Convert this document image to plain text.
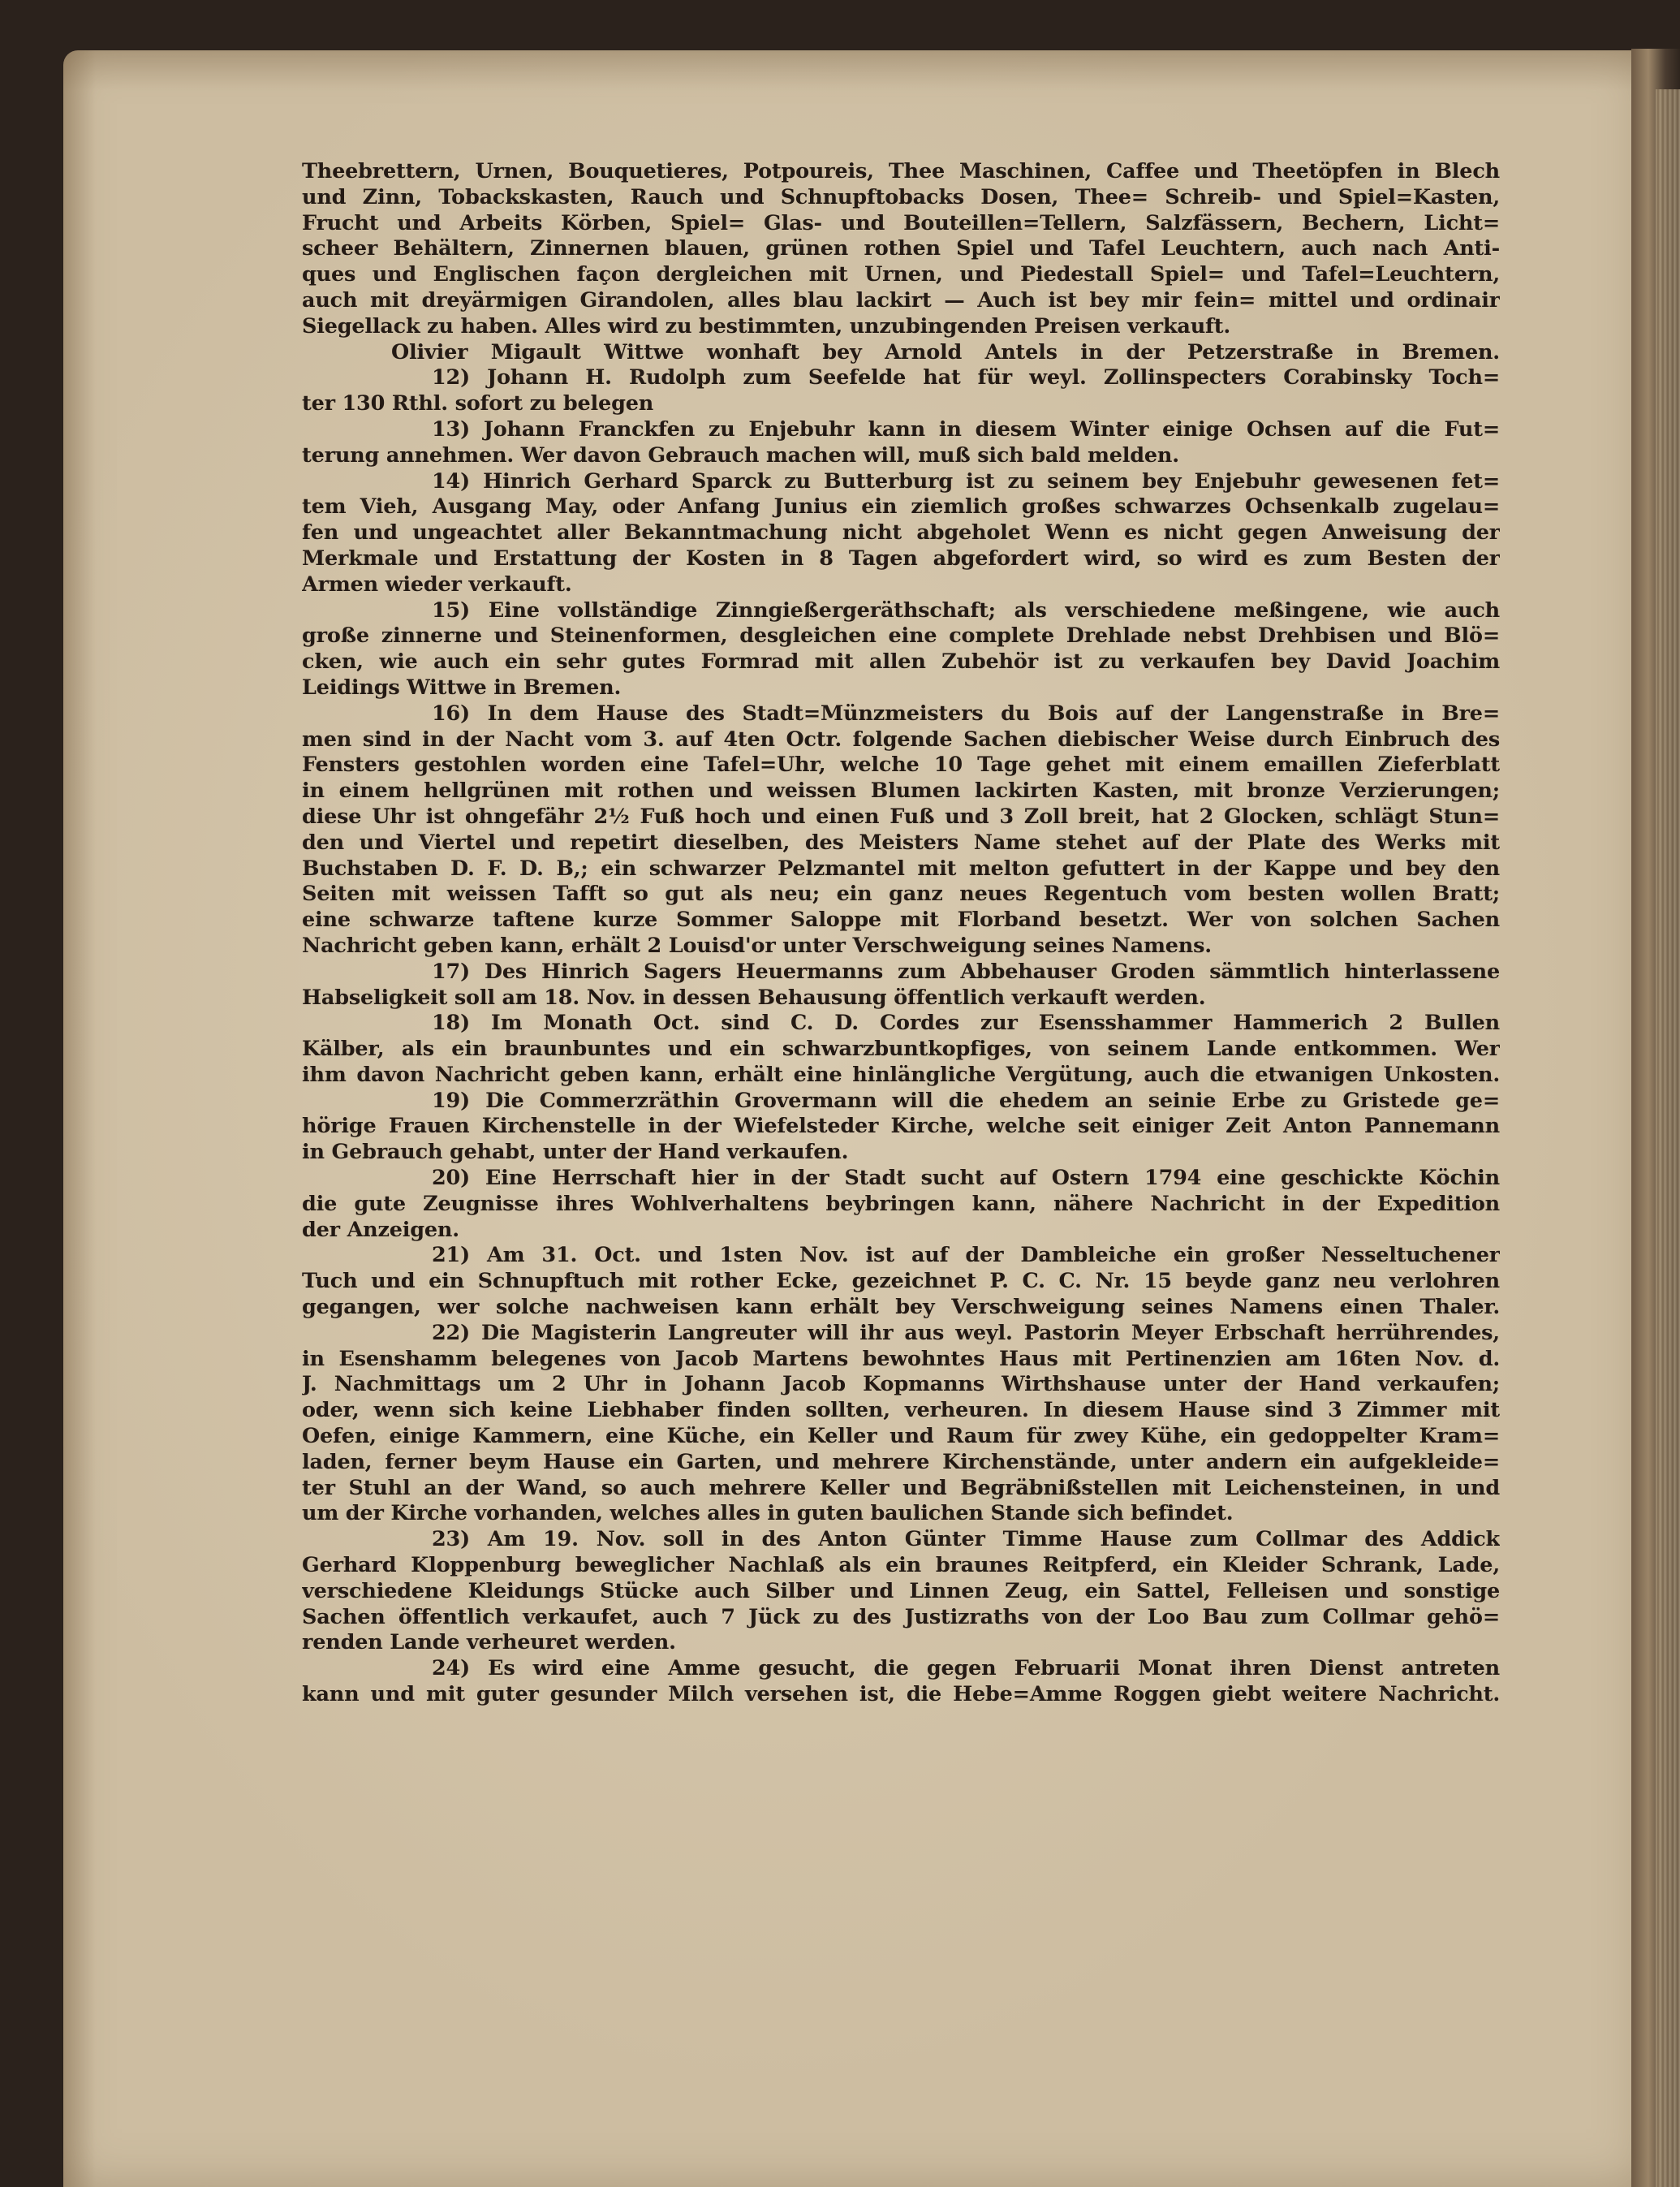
Theebrettern, Urnen, Bouquetieres, Potpoureis, Thee Maschinen, Caffee und Theetöpfen in Blech
und Zinn, Tobackskasten, Rauch und Schnupftobacks Dosen, Thee= Schreib- und Spiel=Kasten,
Frucht und Arbeits Körben, Spiel= Glas- und Bouteillen=Tellern, Salzfässern, Bechern, Licht=
scheer Behältern, Zinnernen blauen, grünen rothen Spiel und Tafel Leuchtern, auch nach Anti-
ques und Englischen façon dergleichen mit Urnen, und Piedestall Spiel= und Tafel=Leuchtern,
auch mit dreyärmigen Girandolen, alles blau lackirt — Auch ist bey mir fein= mittel und ordinair
Siegellack zu haben. Alles wird zu bestimmten, unzubingenden Preisen verkauft.
Olivier Migault Wittwe wonhaft bey Arnold Antels in der Petzerstraße in Bremen.
12) Johann H. Rudolph zum Seefelde hat für weyl. Zollinspecters Corabinsky Toch=
ter 130 Rthl. sofort zu belegen
13) Johann Franckfen zu Enjebuhr kann in diesem Winter einige Ochsen auf die Fut=
terung annehmen. Wer davon Gebrauch machen will, muß sich bald melden.
14) Hinrich Gerhard Sparck zu Butterburg ist zu seinem bey Enjebuhr gewesenen fet=
tem Vieh, Ausgang May, oder Anfang Junius ein ziemlich großes schwarzes Ochsenkalb zugelau=
fen und ungeachtet aller Bekanntmachung nicht abgeholet Wenn es nicht gegen Anweisung der
Merkmale und Erstattung der Kosten in 8 Tagen abgefordert wird, so wird es zum Besten der
Armen wieder verkauft.
15) Eine vollständige Zinngießergeräthschaft; als verschiedene meßingene, wie auch
große zinnerne und Steinenformen, desgleichen eine complete Drehlade nebst Drehbisen und Blö=
cken, wie auch ein sehr gutes Formrad mit allen Zubehör ist zu verkaufen bey David Joachim
Leidings Wittwe in Bremen.
16) In dem Hause des Stadt=Münzmeisters du Bois auf der Langenstraße in Bre=
men sind in der Nacht vom 3. auf 4ten Octr. folgende Sachen diebischer Weise durch Einbruch des
Fensters gestohlen worden eine Tafel=Uhr, welche 10 Tage gehet mit einem emaillen Zieferblatt
in einem hellgrünen mit rothen und weissen Blumen lackirten Kasten, mit bronze Verzierungen;
diese Uhr ist ohngefähr 2½ Fuß hoch und einen Fuß und 3 Zoll breit, hat 2 Glocken, schlägt Stun=
den und Viertel und repetirt dieselben, des Meisters Name stehet auf der Plate des Werks mit
Buchstaben D. F. D. B,; ein schwarzer Pelzmantel mit melton gefuttert in der Kappe und bey den
Seiten mit weissen Tafft so gut als neu; ein ganz neues Regentuch vom besten wollen Bratt;
eine schwarze taftene kurze Sommer Saloppe mit Florband besetzt. Wer von solchen Sachen
Nachricht geben kann, erhält 2 Louisd'or unter Verschweigung seines Namens.
17) Des Hinrich Sagers Heuermanns zum Abbehauser Groden sämmtlich hinterlassene
Habseligkeit soll am 18. Nov. in dessen Behausung öffentlich verkauft werden.
18) Im Monath Oct. sind C. D. Cordes zur Esensshammer Hammerich 2 Bullen
Kälber, als ein braunbuntes und ein schwarzbuntkopfiges, von seinem Lande entkommen. Wer
ihm davon Nachricht geben kann, erhält eine hinlängliche Vergütung, auch die etwanigen Unkosten.
19) Die Commerzräthin Grovermann will die ehedem an seinie Erbe zu Gristede ge=
hörige Frauen Kirchenstelle in der Wiefelsteder Kirche, welche seit einiger Zeit Anton Pannemann
in Gebrauch gehabt, unter der Hand verkaufen.
20) Eine Herrschaft hier in der Stadt sucht auf Ostern 1794 eine geschickte Köchin
die gute Zeugnisse ihres Wohlverhaltens beybringen kann, nähere Nachricht in der Expedition
der Anzeigen.
21) Am 31. Oct. und 1sten Nov. ist auf der Dambleiche ein großer Nesseltuchener
Tuch und ein Schnupftuch mit rother Ecke, gezeichnet P. C. C. Nr. 15 beyde ganz neu verlohren
gegangen, wer solche nachweisen kann erhält bey Verschweigung seines Namens einen Thaler.
22) Die Magisterin Langreuter will ihr aus weyl. Pastorin Meyer Erbschaft herrührendes,
in Esenshamm belegenes von Jacob Martens bewohntes Haus mit Pertinenzien am 16ten Nov. d.
J. Nachmittags um 2 Uhr in Johann Jacob Kopmanns Wirthshause unter der Hand verkaufen;
oder, wenn sich keine Liebhaber finden sollten, verheuren. In diesem Hause sind 3 Zimmer mit
Oefen, einige Kammern, eine Küche, ein Keller und Raum für zwey Kühe, ein gedoppelter Kram=
laden, ferner beym Hause ein Garten, und mehrere Kirchenstände, unter andern ein aufgekleide=
ter Stuhl an der Wand, so auch mehrere Keller und Begräbnißstellen mit Leichensteinen, in und
um der Kirche vorhanden, welches alles in guten baulichen Stande sich befindet.
23) Am 19. Nov. soll in des Anton Günter Timme Hause zum Collmar des Addick
Gerhard Kloppenburg beweglicher Nachlaß als ein braunes Reitpferd, ein Kleider Schrank, Lade,
verschiedene Kleidungs Stücke auch Silber und Linnen Zeug, ein Sattel, Felleisen und sonstige
Sachen öffentlich verkaufet, auch 7 Jück zu des Justizraths von der Loo Bau zum Collmar gehö=
renden Lande verheuret werden.
24) Es wird eine Amme gesucht, die gegen Februarii Monat ihren Dienst antreten
kann und mit guter gesunder Milch versehen ist, die Hebe=Amme Roggen giebt weitere Nachricht.
